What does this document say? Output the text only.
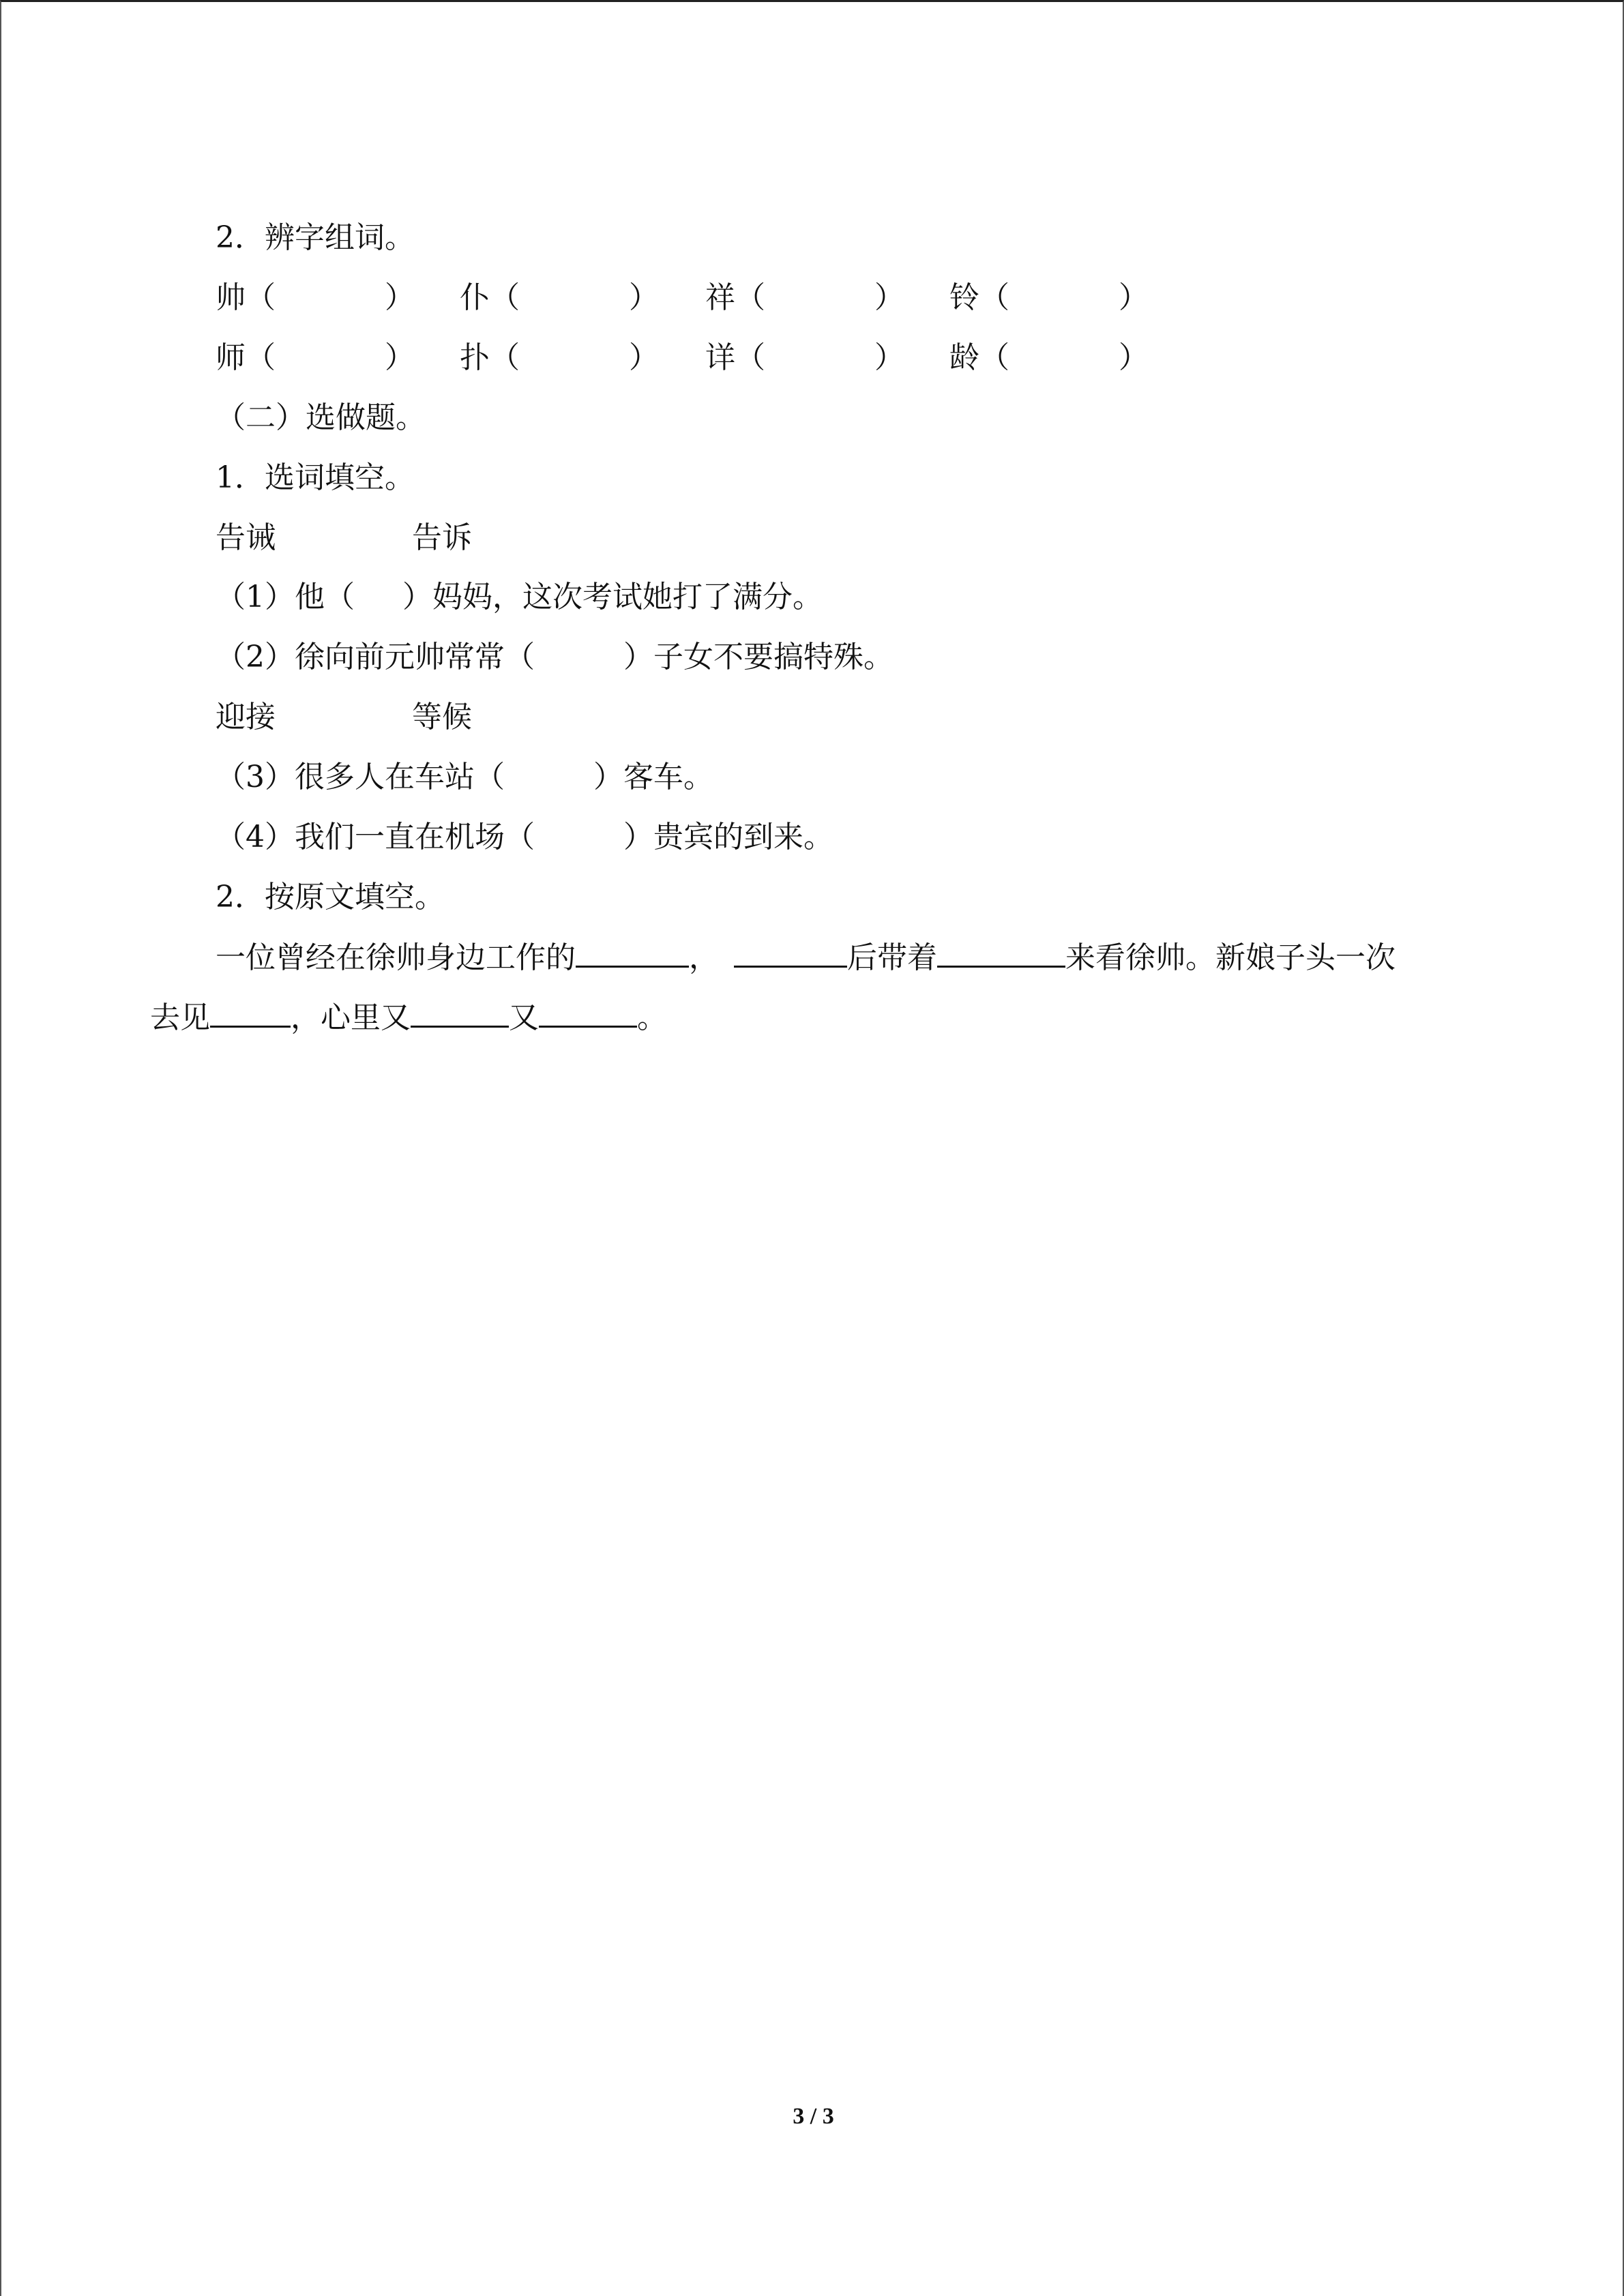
2．辨字组词。
帅（	） 仆（	） 祥（	） 铃（	）
师（	） 扑（	） 详（	） 龄（	）
（二）选做题。
1．选词填空。
告诫	告诉
（1）他（ ）妈妈，这次考试她打了满分。
（2）徐向前元帅常常（	）子女不要搞特殊。
迎接	等候
（3）很多人在车站（	）客车。
（4）我们一直在机场（	）贵宾的到来。
2．按原文填空。
一位曾经在徐帅身边工作的	，	后带着	来看徐帅。新娘子头一次
去见	，心里又	又	。
3 / 3
